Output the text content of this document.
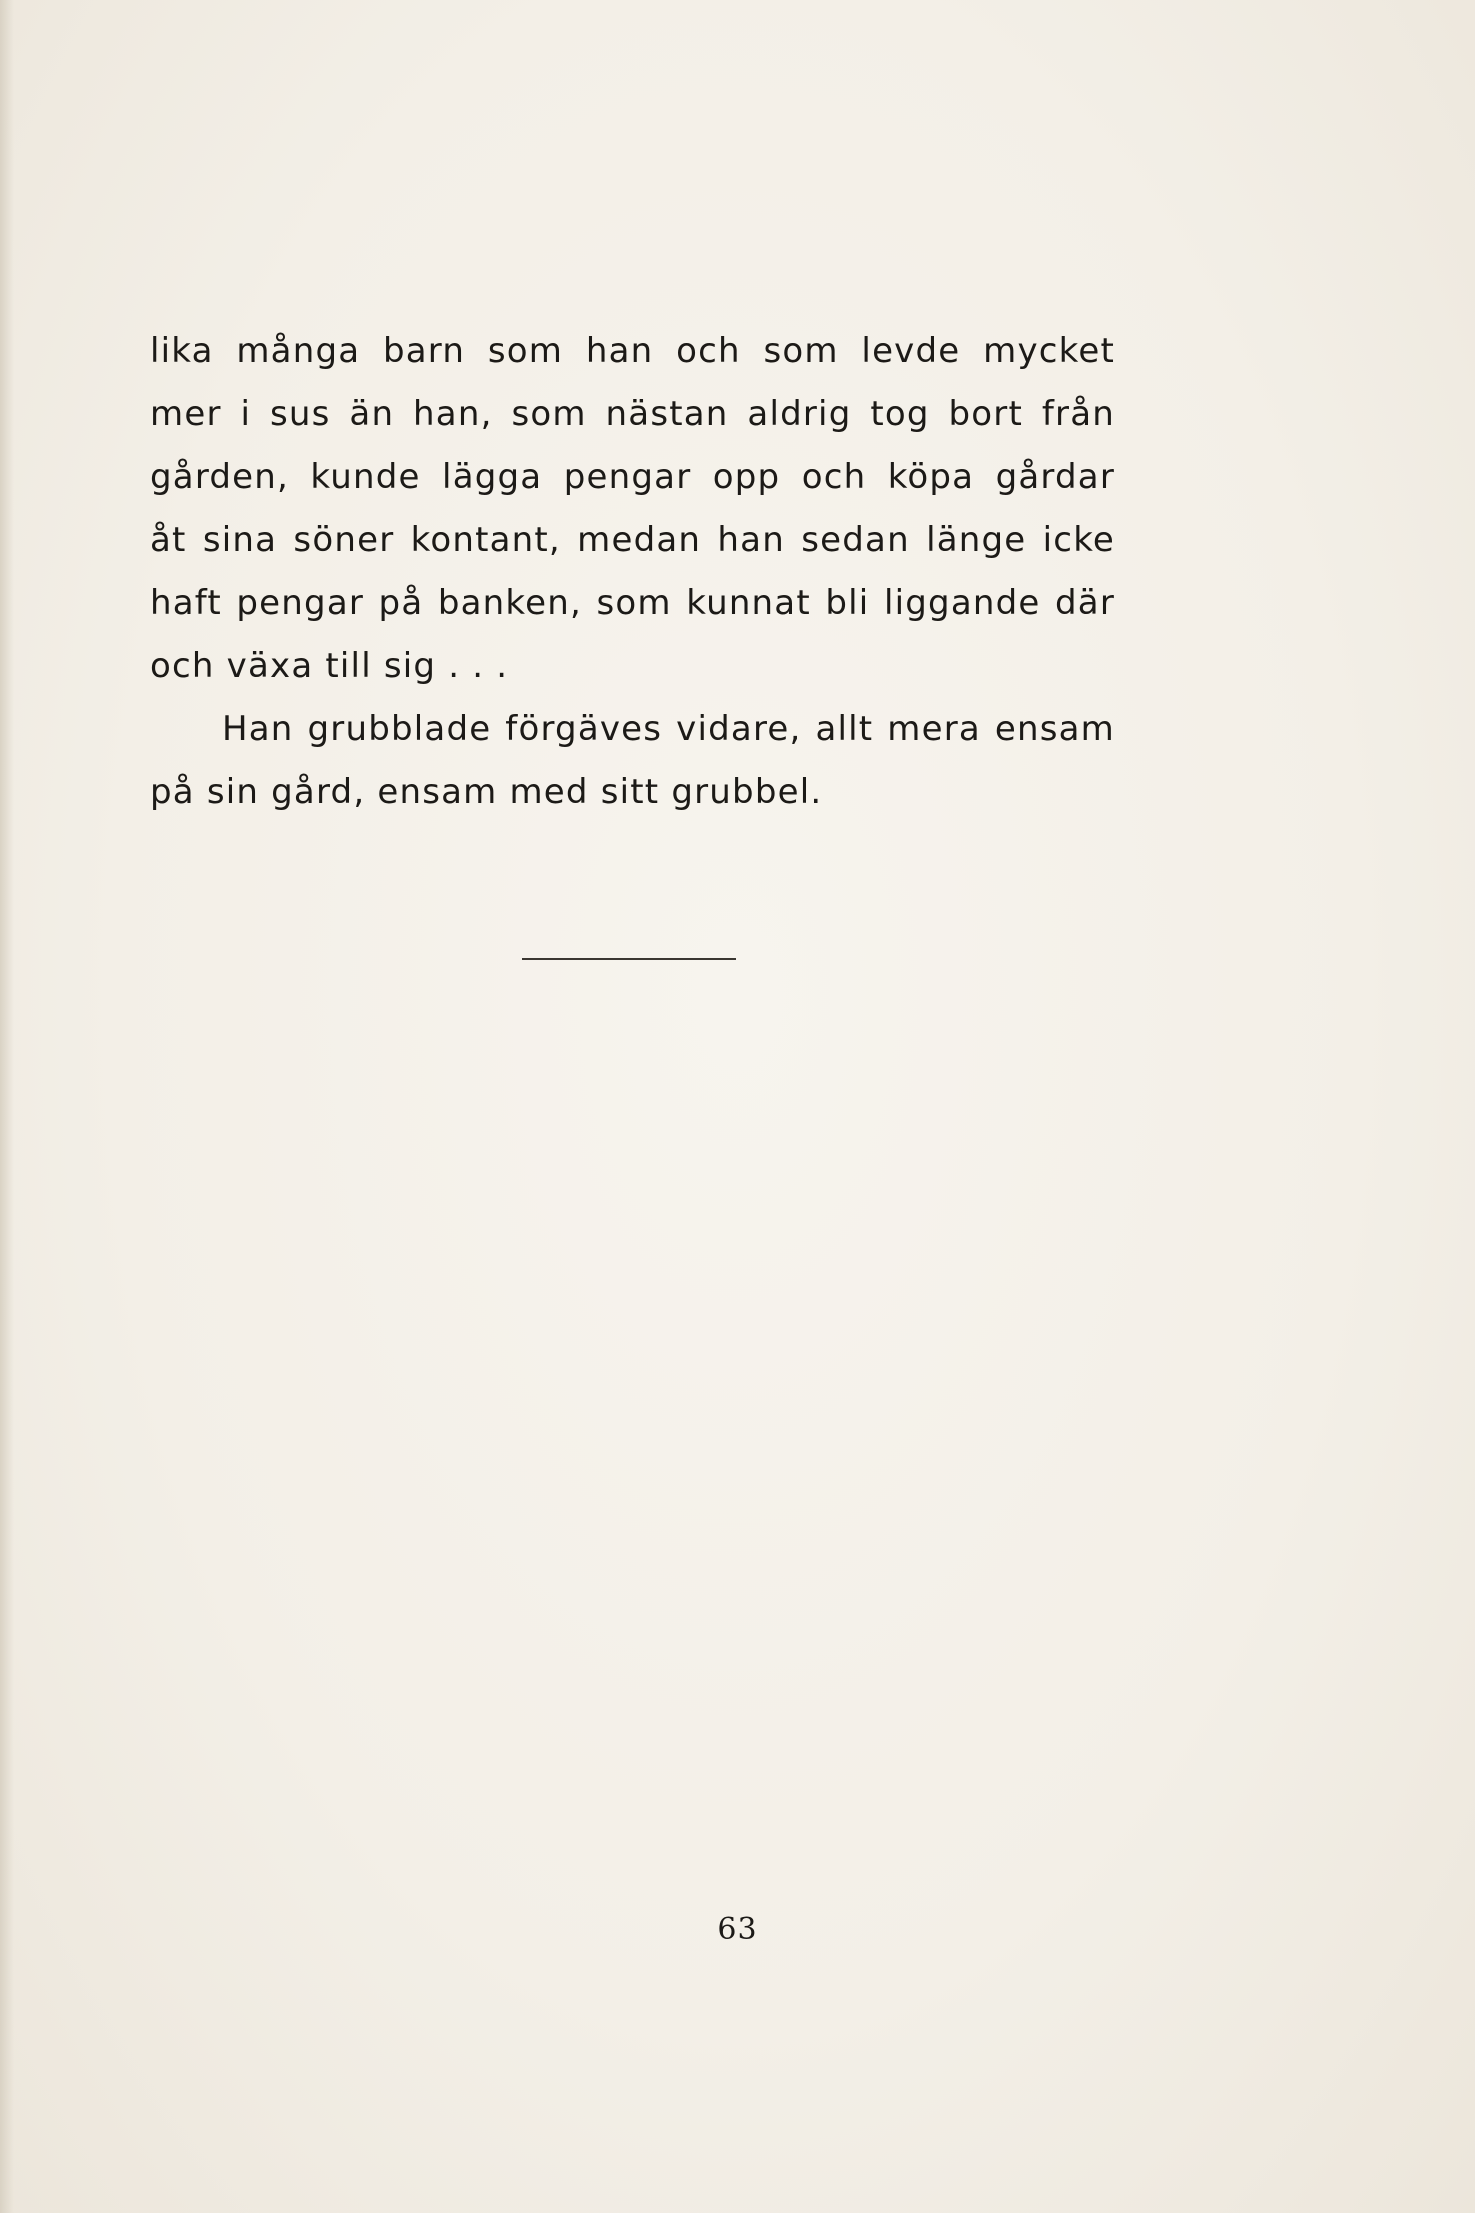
lika många barn som han och som levde mycket
mer i sus än han, som nästan aldrig tog bort från
gården, kunde lägga pengar opp och köpa gårdar
åt sina söner kontant, medan han sedan länge icke
haft pengar på banken, som kunnat bli liggande där
och växa till sig . . .
Han grubblade förgäves vidare, allt mera ensam
på sin gård, ensam med sitt grubbel.
63
